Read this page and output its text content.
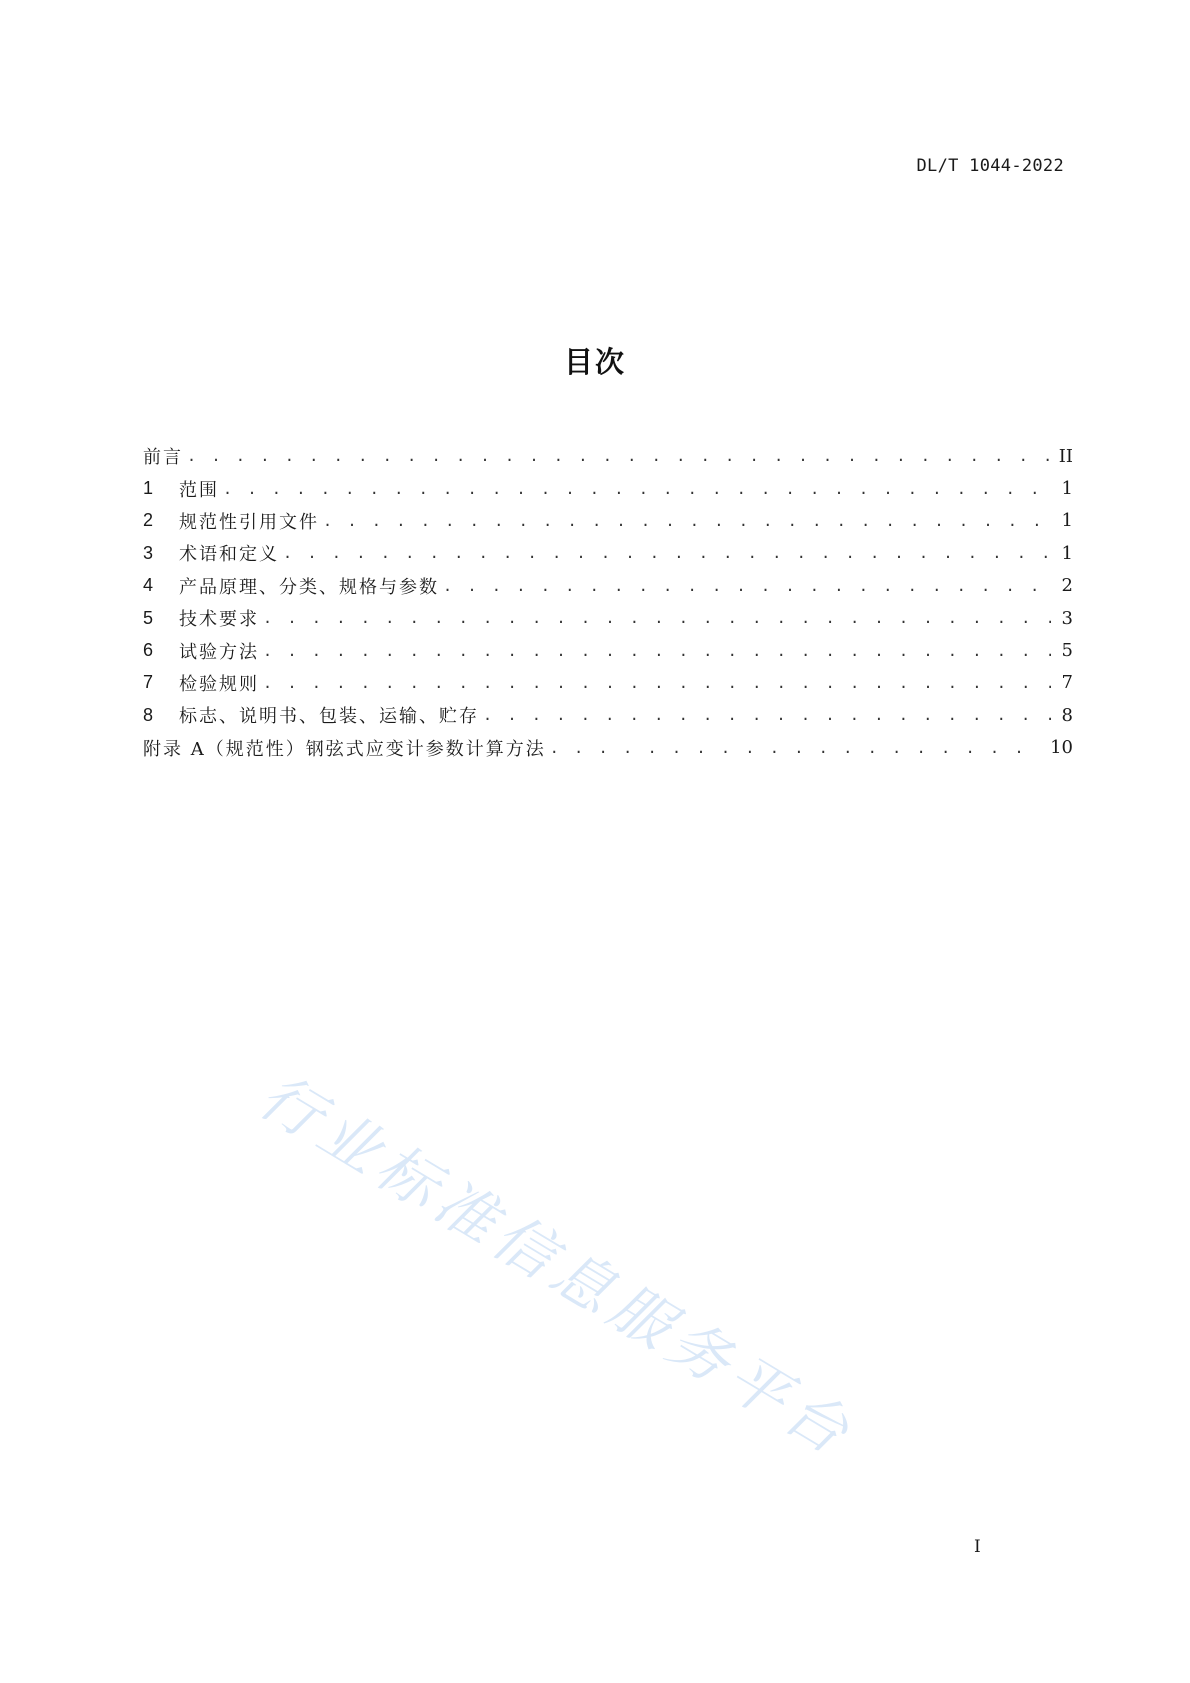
DL/T 1044-2022
目次
前言 . . .	II
1	范围 . . .	1
2	规范性引用文件 . . .	1
3	术语和定义 . . .	1
4	产品原理、分类、规格与参数 . . .	2
5	技术要求 . . .	3
6	试验方法 . . .	5
7	检验规则 . . .	7
8	标志、说明书、包装、运输、贮存 . . .	8
附录 A（规范性）钢弦式应变计参数计算方法 . . .	10
行业标准信息服务平台
I
